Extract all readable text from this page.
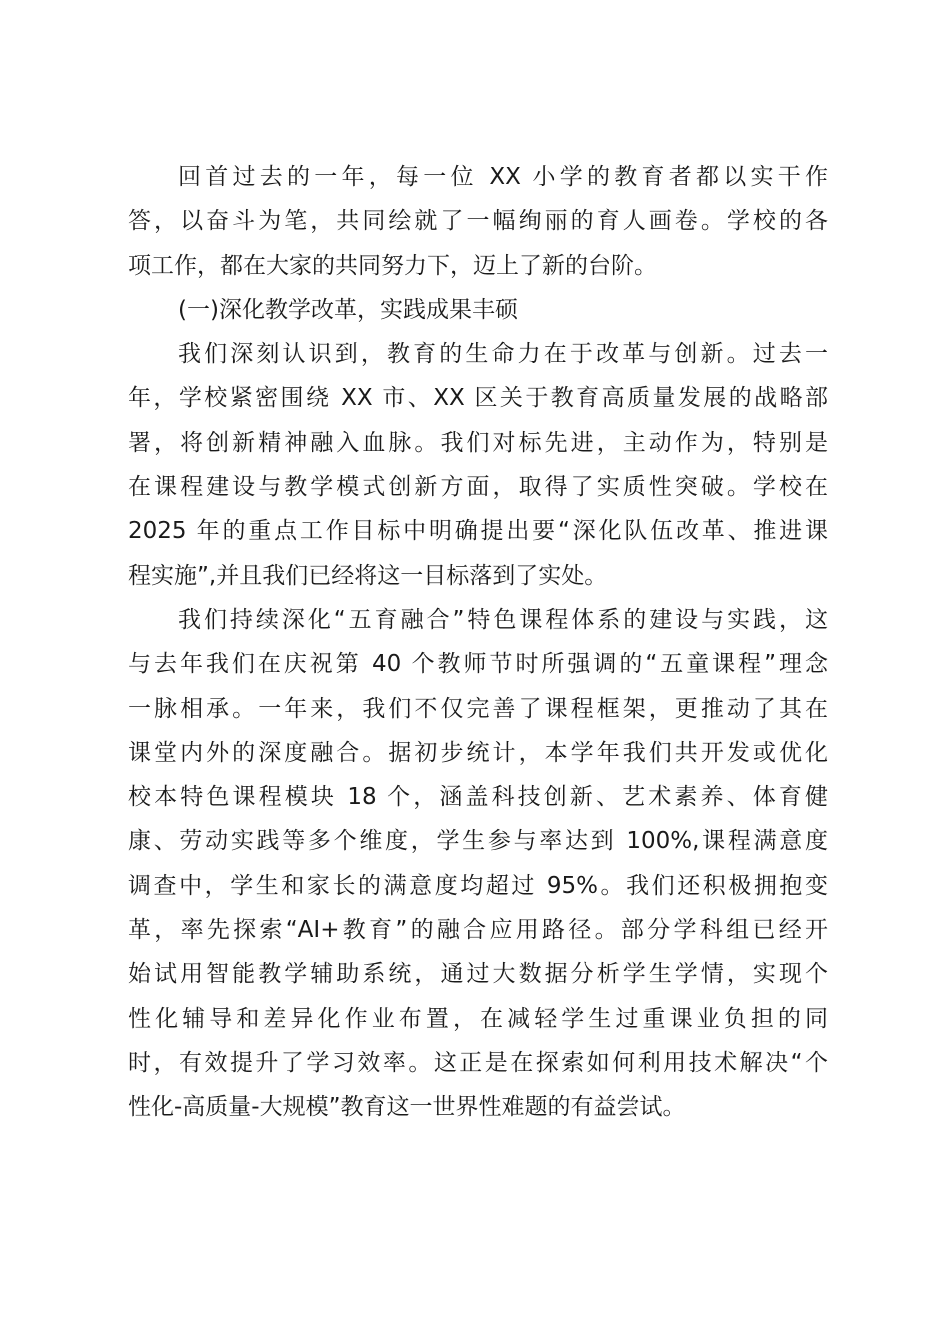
回首过去的一年，每一位 XX 小学的教育者都以实干作
答，以奋斗为笔，共同绘就了一幅绚丽的育人画卷。学校的各
项工作，都在大家的共同努力下，迈上了新的台阶。
(一)深化教学改革，实践成果丰硕
我们深刻认识到，教育的生命力在于改革与创新。过去一
年，学校紧密围绕 XX 市、XX 区关于教育高质量发展的战略部
署，将创新精神融入血脉。我们对标先进，主动作为，特别是
在课程建设与教学模式创新方面，取得了实质性突破。学校在
2025 年的重点工作目标中明确提出要“深化队伍改革、推进课
程实施”,并且我们已经将这一目标落到了实处。
我们持续深化“五育融合”特色课程体系的建设与实践，这
与去年我们在庆祝第 40 个教师节时所强调的“五童课程”理念
一脉相承。一年来，我们不仅完善了课程框架，更推动了其在
课堂内外的深度融合。据初步统计，本学年我们共开发或优化
校本特色课程模块 18 个，涵盖科技创新、艺术素养、体育健
康、劳动实践等多个维度，学生参与率达到 100%,课程满意度
调查中，学生和家长的满意度均超过 95%。我们还积极拥抱变
革，率先探索“AI+教育”的融合应用路径。部分学科组已经开
始试用智能教学辅助系统，通过大数据分析学生学情，实现个
性化辅导和差异化作业布置，在减轻学生过重课业负担的同
时，有效提升了学习效率。这正是在探索如何利用技术解决“个
性化-高质量-大规模”教育这一世界性难题的有益尝试。
